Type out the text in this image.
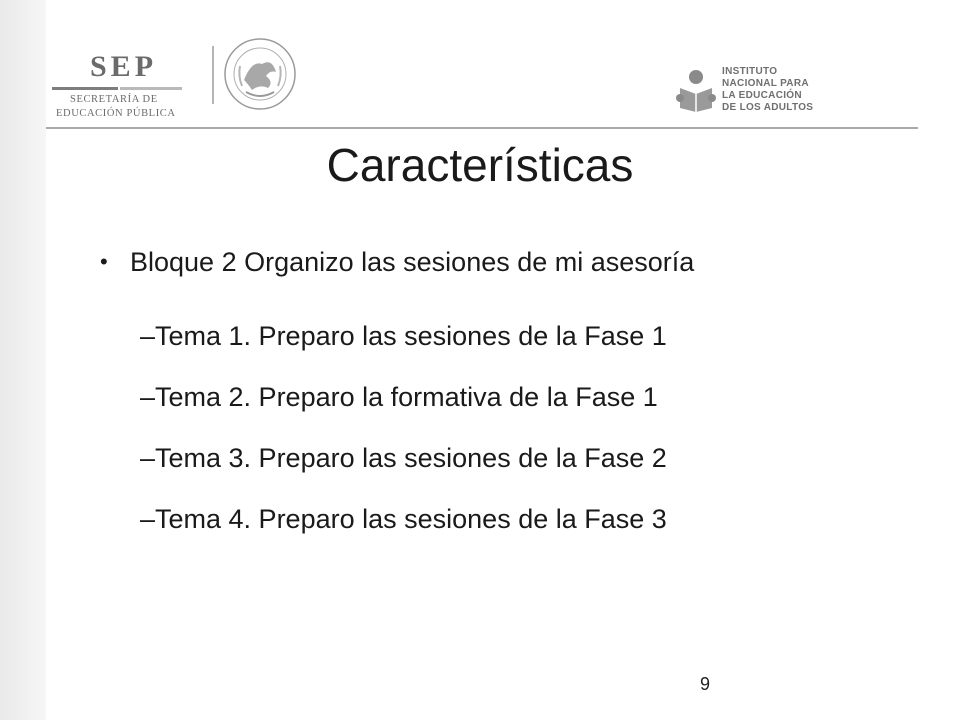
SEP
SECRETARÍA DE
EDUCACIÓN PÚBLICA
INSTITUTO
NACIONAL PARA
LA EDUCACIÓN
DE LOS ADULTOS
Características
• Bloque 2 Organizo las sesiones de mi asesoría
–Tema 1. Preparo las sesiones de la Fase 1
–Tema 2. Preparo la formativa de la Fase 1
–Tema 3. Preparo las sesiones de la Fase 2
–Tema 4. Preparo las sesiones de la Fase 3
9
